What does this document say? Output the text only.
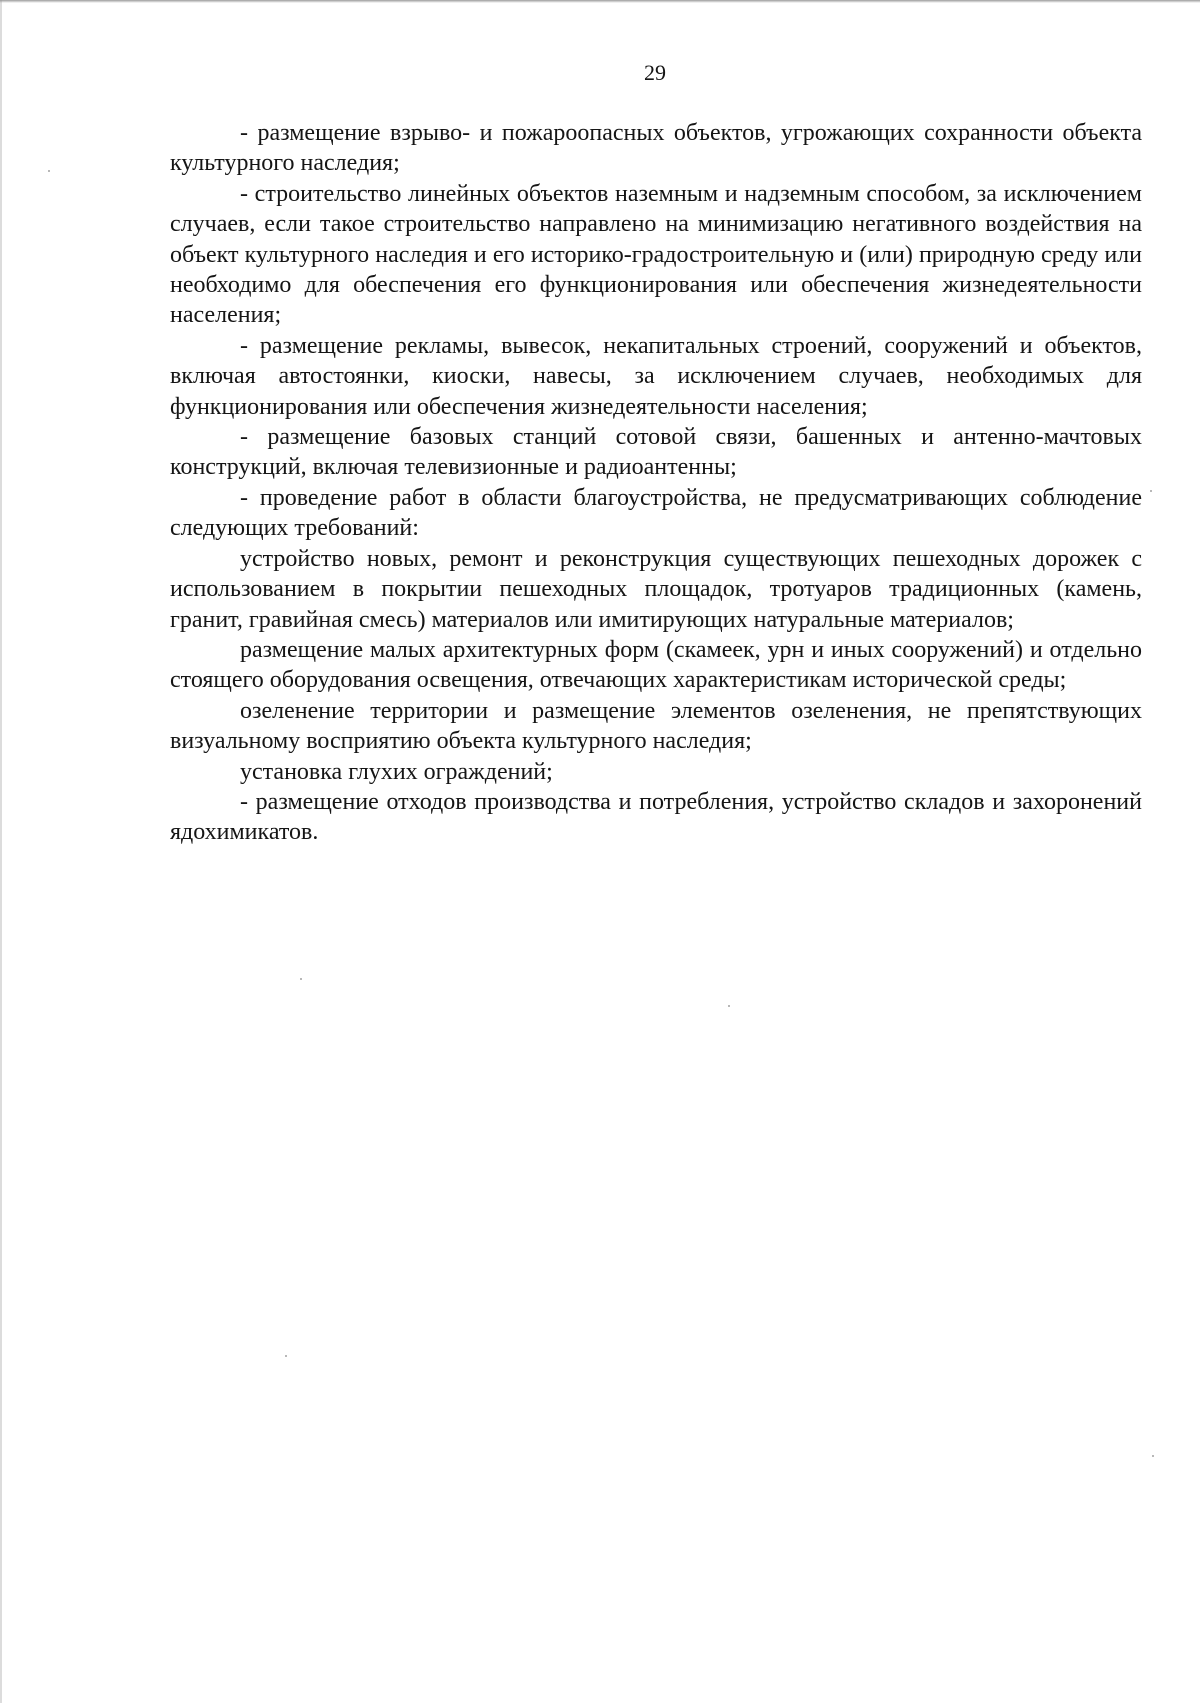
29

- размещение взрыво- и пожароопасных объектов, угрожающих сохранности объекта культурного наследия;

- строительство линейных объектов наземным и надземным способом, за исключением случаев, если такое строительство направлено на минимизацию негативного воздействия на объект культурного наследия и его историко-градостроительную и (или) природную среду или необходимо для обеспечения его функционирования или обеспечения жизнедеятельности населения;

- размещение рекламы, вывесок, некапитальных строений, сооружений и объектов, включая автостоянки, киоски, навесы, за исключением случаев, необходимых для функционирования или обеспечения жизнедеятельности населения;

- размещение базовых станций сотовой связи, башенных и антенно-мачтовых конструкций, включая телевизионные и радиоантенны;

- проведение работ в области благоустройства, не предусматривающих соблюдение следующих требований:

устройство новых, ремонт и реконструкция существующих пешеходных дорожек с использованием в покрытии пешеходных площадок, тротуаров традиционных (камень, гранит, гравийная смесь) материалов или имитирующих натуральные материалов;

размещение малых архитектурных форм (скамеек, урн и иных сооружений) и отдельно стоящего оборудования освещения, отвечающих характеристикам исторической среды;

озеленение территории и размещение элементов озеленения, не препятствующих визуальному восприятию объекта культурного наследия;

установка глухих ограждений;

- размещение отходов производства и потребления, устройство складов и захоронений ядохимикатов.
